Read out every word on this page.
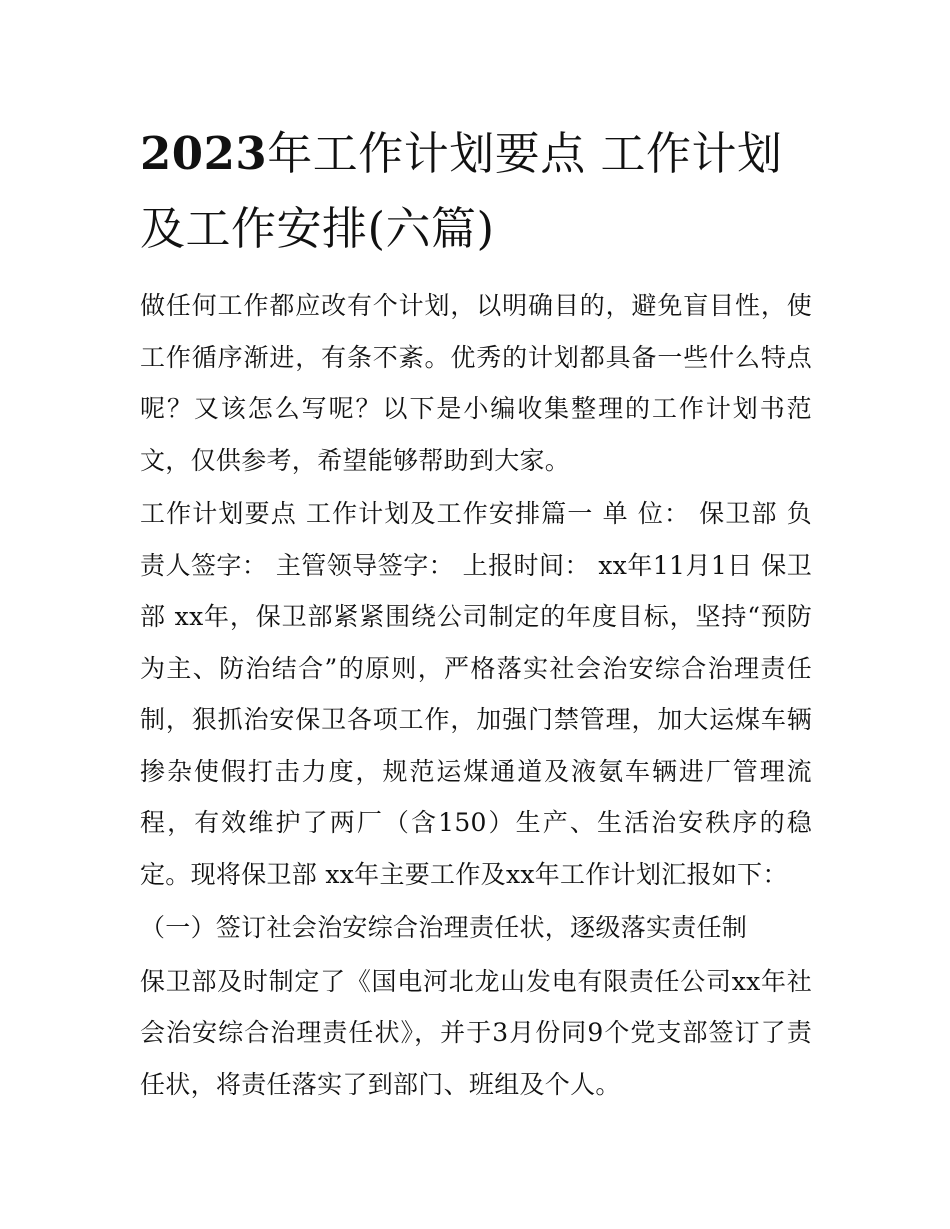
2023年工作计划要点 工作计划及工作安排(六篇)

做任何工作都应改有个计划，以明确目的，避免盲目性，使工作循序渐进，有条不紊。优秀的计划都具备一些什么特点呢？又该怎么写呢？以下是小编收集整理的工作计划书范文，仅供参考，希望能够帮助到大家。

工作计划要点 工作计划及工作安排篇一 单 位： 保卫部 负责人签字： 主管领导签字： 上报时间： xx年11月1日 保卫部 xx年，保卫部紧紧围绕公司制定的年度目标，坚持“预防为主、防治结合”的原则，严格落实社会治安综合治理责任制，狠抓治安保卫各项工作，加强门禁管理，加大运煤车辆掺杂使假打击力度，规范运煤通道及液氨车辆进厂管理流程，有效维护了两厂（含150）生产、生活治安秩序的稳定。现将保卫部 xx年主要工作及xx年工作计划汇报如下：

（一）签订社会治安综合治理责任状，逐级落实责任制

保卫部及时制定了《国电河北龙山发电有限责任公司xx年社会治安综合治理责任状》，并于3月份同9个党支部签订了责任状，将责任落实了到部门、班组及个人。
